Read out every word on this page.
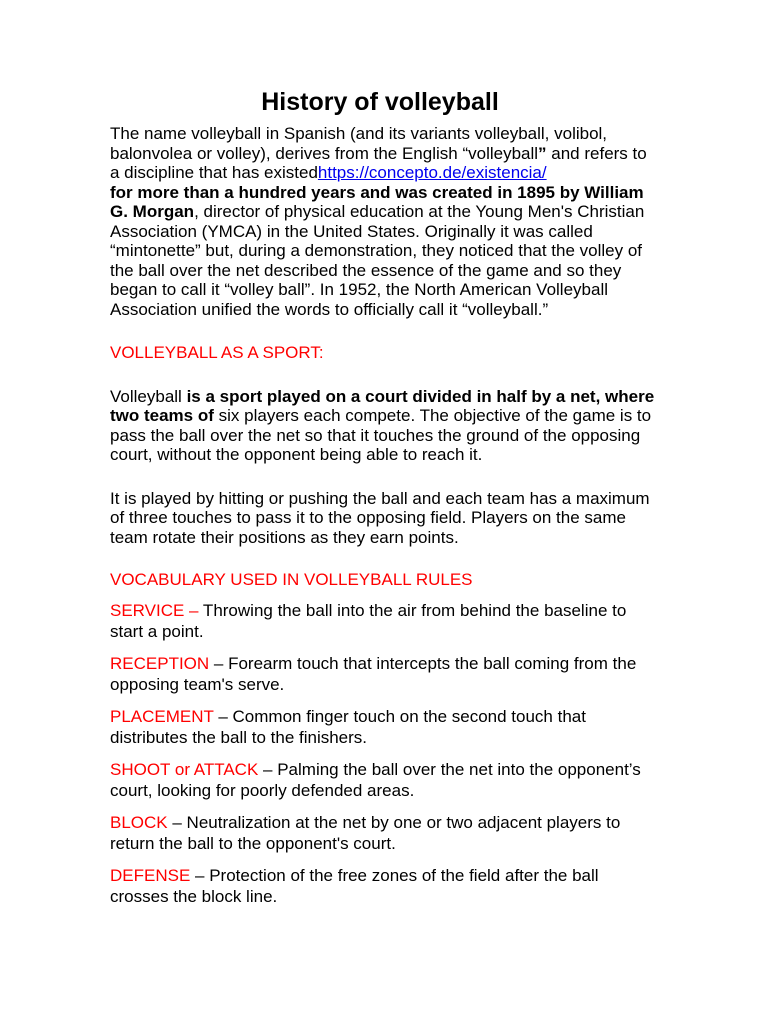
History of volleyball

The name volleyball in Spanish (and its variants volleyball, volibol, balonvolea or volley), derives from the English “volleyball” and refers to a discipline that has existedhttps://concepto.de/existencia/
for more than a hundred years and was created in 1895 by William G. Morgan, director of physical education at the Young Men's Christian Association (YMCA) in the United States. Originally it was called “mintonette” but, during a demonstration, they noticed that the volley of the ball over the net described the essence of the game and so they began to call it “volley ball”. In 1952, the North American Volleyball Association unified the words to officially call it “volleyball.”

VOLLEYBALL AS A SPORT:

Volleyball is a sport played on a court divided in half by a net, where two teams of six players each compete. The objective of the game is to pass the ball over the net so that it touches the ground of the opposing court, without the opponent being able to reach it.

It is played by hitting or pushing the ball and each team has a maximum of three touches to pass it to the opposing field. Players on the same team rotate their positions as they earn points.

VOCABULARY USED IN VOLLEYBALL RULES

SERVICE – Throwing the ball into the air from behind the baseline to start a point.

RECEPTION – Forearm touch that intercepts the ball coming from the opposing team's serve.

PLACEMENT – Common finger touch on the second touch that distributes the ball to the finishers.

SHOOT or ATTACK – Palming the ball over the net into the opponent’s court, looking for poorly defended areas.

BLOCK – Neutralization at the net by one or two adjacent players to return the ball to the opponent's court.

DEFENSE – Protection of the free zones of the field after the ball crosses the block line.
